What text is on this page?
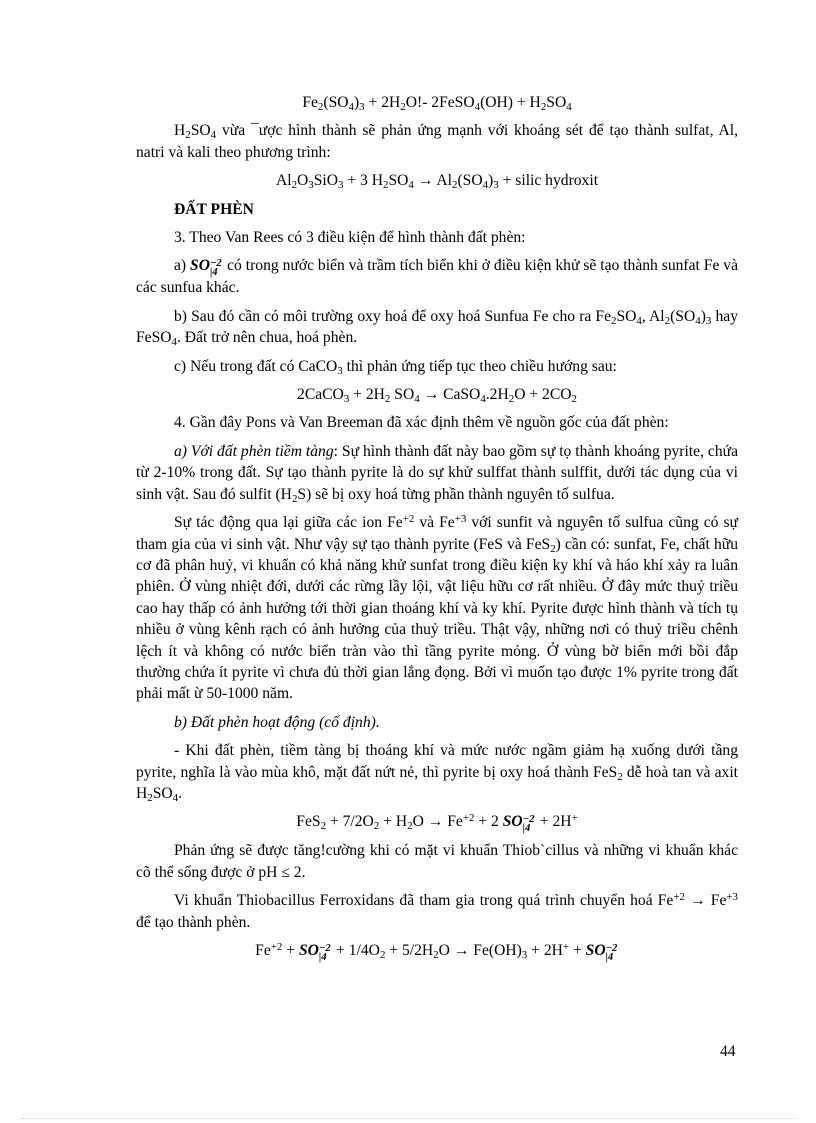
$Fe_2(SO_4)_3 + 2H_2O!-$ 2FeSO$_4$(OH) + $H_2SO_4$

$H_2SO_4$ vừa ¯ược hình thành sẽ phản ứng mạnh với khoáng sét để tạo thành sulfat, Al, natri và kali theo phương trình:

$Al_2O_3SiO_3 + 3$ $H_2SO_4 \to Al_2(SO_4)_3$ + silic hydroxit

ĐẤT PHÈN

3. Theo Van Rees có 3 điều kiện để hình thành đất phèn:

a) SO−2|4 có trong nước biển và trầm tích biển khi ở điều kiện khử sẽ tạo thành sunfat Fe và các sunfua khác.

b) Sau đó cần có môi trường oxy hoá để oxy hoá Sunfua Fe cho ra $Fe_2SO_4$, $Al_2(SO_4)_3$ hay FeSO$_4$. Đất trở nên chua, hoá phèn.

c) Nếu trong đất có CaCO$_3$ thì phản ứng tiếp tục theo chiều hướng sau:

2CaCO$_3$ + $2H_2$ $SO_4$ → $CaSO_4.2H_2O + 2CO_2$

4. Gần đây Pons và Van Breeman đã xác định thêm về nguồn gốc của đất phèn:

a) Với đất phèn tiềm tàng: Sự hình thành đất này bao gồm sự tọ thành khoáng pyrite, chứa từ 2-10% trong đất. Sự tạo thành pyrite là do sự khử sulffat thành sulffit, dưới tác dụng của vi sinh vật. Sau đó sulfit $(H_2S)$ sẽ bị oxy hoá từng phần thành nguyên tố sulfua.

Sự tác động qua lại giữa các ion $Fe^{+2}$ và $Fe^{+3}$ với sunfit và nguyên tố sulfua cũng có sự tham gia của vi sinh vật. Như vậy sự tạo thành pyrite (FeS và FeS$_2$) cần có: sunfat, Fe, chất hữu cơ đã phân huỷ, vi khuẩn có khả năng khử sunfat trong điều kiện ky khí và háo khí xảy ra luân phiên. Ở vùng nhiệt đới, dưới các rừng lầy lội, vật liệu hữu cơ rất nhiều. Ở đây mức thuỷ triều cao hay thấp có ảnh hưởng tới thời gian thoáng khí và ky khí. Pyrite được hình thành và tích tụ nhiều ở vùng kênh rạch có ảnh hưởng của thuỷ triều. Thật vậy, những nơi có thuỷ triều chênh lệch ít và không có nước biển tràn vào thì tầng pyrite mỏng. Ở vùng bờ biển mới bồi đắp thường chứa ít pyrite vì chưa đủ thời gian lắng đọng. Bởi vì muốn tạo được 1% pyrite trong đất phải mất ừ 50-1000 năm.

b) Đất phèn hoạt động (cố định).

- Khi đất phèn, tiềm tàng bị thoáng khí và mức nước ngầm giảm hạ xuống dưới tầng pyrite, nghĩa là vào mùa khô, mặt đất nứt nẻ, thì pyrite bị oxy hoá thành FeS$_2$ dễ hoà tan và axit $H_2SO_4$.

$FeS_2 + 7/2O_2 + H_2O \to Fe^{+2} + 2$ SO−2|4 + 2H+

Phản ứng sẽ được tăng!cường khi có mặt vi khuẩn Thiob`cillus và những vi khuẩn khác cõ thể sống được ở pH ≤ 2.

Vi khuẩn Thiobacillus Ferroxidans đã tham gia trong quá trình chuyển hoá $Fe^{+2} \to Fe^{+3}$ để tạo thành phèn.

$Fe^{+2} + SO-2|4 + 1/4O_2 + 5/2H_2O \to Fe(OH)_3 + 2H^+ + SO-2|4$

44
